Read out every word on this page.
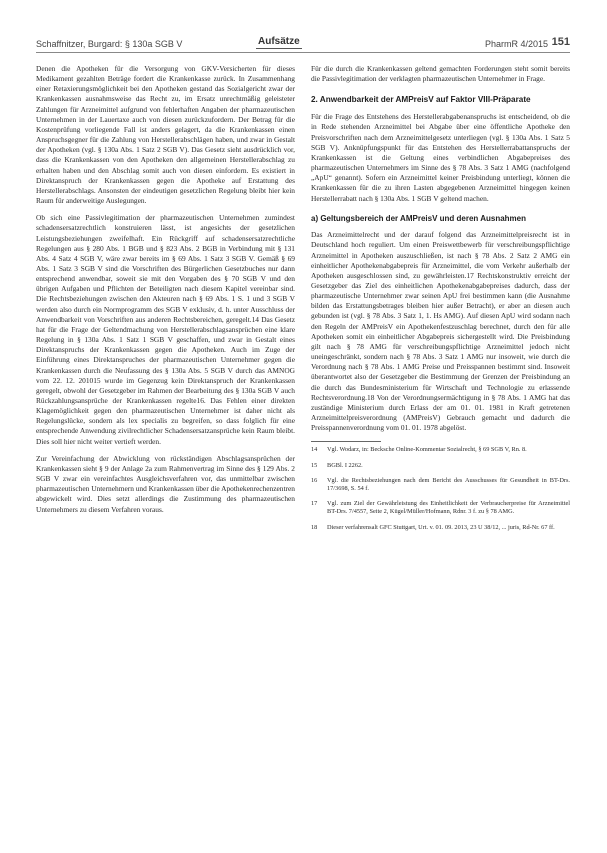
Schaffnitzer, Burgard: § 130a SGB V	Aufsätze	PharmR 4/2015 151

Denen die Apotheken für die Versorgung von GKV-Versicherten für dieses Medikament gezahlten Beträge fordert die Krankenkasse zurück. In Zusammenhang einer Retaxierungsmöglichkeit bei den Apotheken gestand das Sozialgericht zwar der Krankenkassen ausnahmsweise das Recht zu, im Ersatz unrechtmäßig geleisteter Zahlungen für Arzneimittel aufgrund von fehlerhaften Angaben der pharmazeutischen Unternehmen in der Lauertaxe auch von diesen zurückzufordern. Der Betrag für die Kostenprüfung vorliegende Fall ist anders gelagert, da die Krankenkassen einen Anspruchsgegner für die Zahlung von Herstellerabschlägen haben, und zwar in Gestalt der Apotheken (vgl. § 130a Abs. 1 Satz 2 SGB V). Das Gesetz sieht ausdrücklich vor, dass die Krankenkassen von den Apotheken den allgemeinen Herstellerabschlag zu erhalten haben und den Abschlag somit auch von diesen einfordern. Es existiert in Direktanspruch der Krankenkassen gegen die Apotheke auf Erstattung des Herstellerabschlags. Ansonsten der eindeutigen gesetzlichen Regelung bleibt hier kein Raum für anderweitige Auslegungen.

Ob sich eine Passivlegitimation der pharmazeutischen Unternehmen zumindest schadensersatzrechtlich konstruieren lässt, ist angesichts der gesetzlichen Leistungsbeziehungen zweifelhaft. Ein Rückgriff auf schadensersatzrechtliche Regelungen aus § 280 Abs. 1 BGB und § 823 Abs. 2 BGB in Verbindung mit § 131 Abs. 4 Satz 4 SGB V, wäre zwar bereits im § 69 Abs. 1 Satz 3 SGB V. Gemäß § 69 Abs. 1 Satz 3 SGB V sind die Vorschriften des Bürgerlichen Gesetzbuches nur dann entsprechend anwendbar, soweit sie mit den Vorgaben des § 70 SGB V und den übrigen Aufgaben und Pflichten der Beteiligten nach diesem Kapitel vereinbar sind. Die Rechtsbeziehungen zwischen den Akteuren nach § 69 Abs. 1 S. 1 und 3 SGB V werden also durch ein Normprogramm des SGB V exklusiv, d. h. unter Ausschluss der Anwendbarkeit von Vorschriften aus anderen Rechtsbereichen, geregelt.14 Das Gesetz hat für die Frage der Geltendmachung von Herstellerabschlagsansprüchen eine klare Regelung in § 130a Abs. 1 Satz 1 SGB V geschaffen, und zwar in Gestalt eines Direktanspruchs der Krankenkassen gegen die Apotheken. Auch im Zuge der Einführung eines Direktanspruches der pharmazeutischen Unternehmer gegen die Krankenkassen durch die Neufassung des § 130a Abs. 5 SGB V durch das AMNOG vom 22. 12. 201015 wurde im Gegenzug kein Direktanspruch der Krankenkassen geregelt, obwohl der Gesetzgeber im Rahmen der Bearbeitung des § 130a SGB V auch Rückzahlungsansprüche der Krankenkassen regelte16. Das Fehlen einer direkten Klagemöglichkeit gegen den pharmazeutischen Unternehmer ist daher nicht als Regelungslücke, sondern als lex specialis zu begreifen, so dass folglich für eine entsprechende Anwendung zivilrechtlicher Schadensersatzansprüche kein Raum bleibt. Dies soll hier nicht weiter vertieft werden.

Zur Vereinfachung der Abwicklung von rückständigen Abschlagsansprüchen der Krankenkassen sieht § 9 der Anlage 2a zum Rahmenvertrag im Sinne des § 129 Abs. 2 SGB V zwar ein vereinfachtes Ausgleichsverfahren vor, das unmittelbar zwischen pharmazeutischen Unternehmern und Krankenkassen über die Apothekenrechenzentren abgewickelt wird. Dies setzt allerdings die Zustimmung des pharmazeutischen Unternehmers zu diesem Verfahren voraus.

Für die durch die Krankenkassen geltend gemachten Forderungen steht somit bereits die Passivlegitimation der verklagten pharmazeutischen Unternehmer in Frage.

2. Anwendbarkeit der AMPreisV auf Faktor VIII-Präparate

Für die Frage des Entstehens des Herstellerabgabenanspruchs ist entscheidend, ob die in Rede stehenden Arzneimittel bei Abgabe über eine öffentliche Apotheke den Preisvorschriften nach dem Arzneimittelgesetz unterliegen (vgl. § 130a Abs. 1 Satz 5 SGB V). Anknüpfungspunkt für das Entstehen des Herstellerrabattanspruchs der Krankenkassen ist die Geltung eines verbindlichen Abgabepreises des pharmazeutischen Unternehmers im Sinne des § 78 Abs. 3 Satz 1 AMG (nachfolgend „ApU“ genannt). Sofern ein Arzneimittel keiner Preisbindung unterliegt, können die Krankenkassen für die zu ihren Lasten abgegebenen Arzneimittel hingegen keinen Herstellerrabatt nach § 130a Abs. 1 SGB V geltend machen.

a) Geltungsbereich der AMPreisV und deren Ausnahmen

Das Arzneimittelrecht und der darauf folgend das Arzneimittelpreisrecht ist in Deutschland hoch reguliert. Um einen Preiswettbewerb für verschreibungspflichtige Arzneimittel in Apotheken auszuschließen, ist nach § 78 Abs. 2 Satz 2 AMG ein einheitlicher Apothekenabgabepreis für Arzneimittel, die vom Verkehr außerhalb der Apotheken ausgeschlossen sind, zu gewährleisten.17 Rechtskonstruktiv erreicht der Gesetzgeber das Ziel des einheitlichen Apothekenabgabepreises dadurch, dass der pharmazeutische Unternehmer zwar seinen ApU frei bestimmen kann (die Ausnahme bilden das Erstattungsbetrages bleiben hier außer Betracht), er aber an diesen auch gebunden ist (vgl. § 78 Abs. 3 Satz 1, 1. Hs AMG). Auf diesen ApU wird sodann nach den Regeln der AMPreisV ein Apothekenfestzuschlag berechnet, durch den für alle Apotheken somit ein einheitlicher Abgabepreis sichergestellt wird. Die Preisbindung gilt nach § 78 AMG für verschreibungspflichtige Arzneimittel jedoch nicht uneingeschränkt, sondern nach § 78 Abs. 3 Satz 1 AMG nur insoweit, wie durch die Verordnung nach § 78 Abs. 1 AMG Preise und Preisspannen bestimmt sind. Insoweit überantwortet also der Gesetzgeber die Bestimmung der Grenzen der Preisbindung an die durch das Bundesministerium für Wirtschaft und Technologie zu erlassende Rechtsverordnung.18 Von der Verordnungsermächtigung in § 78 Abs. 1 AMG hat das zuständige Ministerium durch Erlass der am 01. 01. 1981 in Kraft getretenen Arzneimittelpreisverordnung (AMPreisV) Gebrauch gemacht und dadurch die Preisspannenverordnung vom 01. 01. 1978 abgelöst.

14	Vgl. Wodarz, in: Becksche Online-Kommentar Sozialrecht, § 69 SGB V, Rn. 8.

15	BGBl. I 2262.

16	Vgl. die Rechtsbeziehungen nach dem Bericht des Ausschusses für Gesundheit in BT-Drs. 17/3698, S. 54 f.

17	Vgl. zum Ziel der Gewährleistung des Einheitlichkeit der Verbraucherpreise für Arzneimittel BT-Drs. 7/4557, Seite 2, Kügel/Müller/Hofmann, Rdnr. 3 f. zu § 78 AMG.

18	Dieser verfahrensalt GFC Stuttgart, Urt. v. 01. 09. 2013, 23 U 38/12, ... juris, Rd-Nr. 67 ff.
